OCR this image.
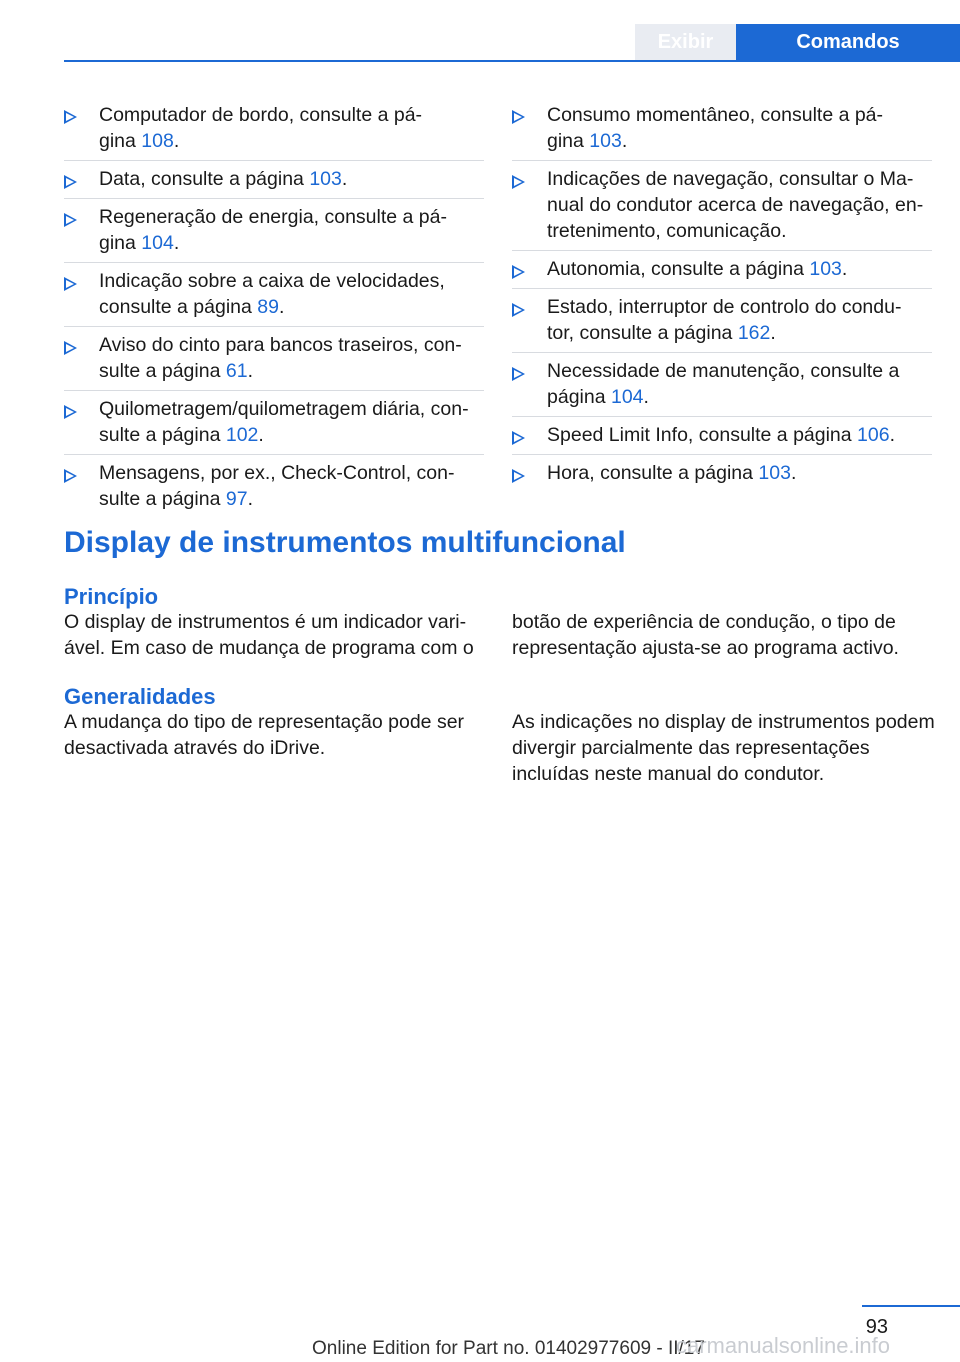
Exibir	Comandos
Computador de bordo, consulte a pá-
gina 108.
Data, consulte a página 103.
Regeneração de energia, consulte a pá-
gina 104.
Indicação sobre a caixa de velocidades,
consulte a página 89.
Aviso do cinto para bancos traseiros, con-
sulte a página 61.
Quilometragem/quilometragem diária, con-
sulte a página 102.
Mensagens, por ex., Check-Control, con-
sulte a página 97.
Consumo momentâneo, consulte a pá-
gina 103.
Indicações de navegação, consultar o Ma-
nual do condutor acerca de navegação, en-
tretenimento, comunicação.
Autonomia, consulte a página 103.
Estado, interruptor de controlo do condu-
tor, consulte a página 162.
Necessidade de manutenção, consulte a
página 104.
Speed Limit Info, consulte a página 106.
Hora, consulte a página 103.
Display de instrumentos multifuncional
Princípio
O display de instrumentos é um indicador variável. Em caso de mudança de programa com o
botão de experiência de condução, o tipo de representação ajusta-se ao programa activo.
Generalidades
A mudança do tipo de representação pode ser desactivada através do iDrive.
As indicações no display de instrumentos podem divergir parcialmente das representações incluídas neste manual do condutor.
93
Online Edition for Part no. 01402977609 - II/17
carmanualsonline.info
